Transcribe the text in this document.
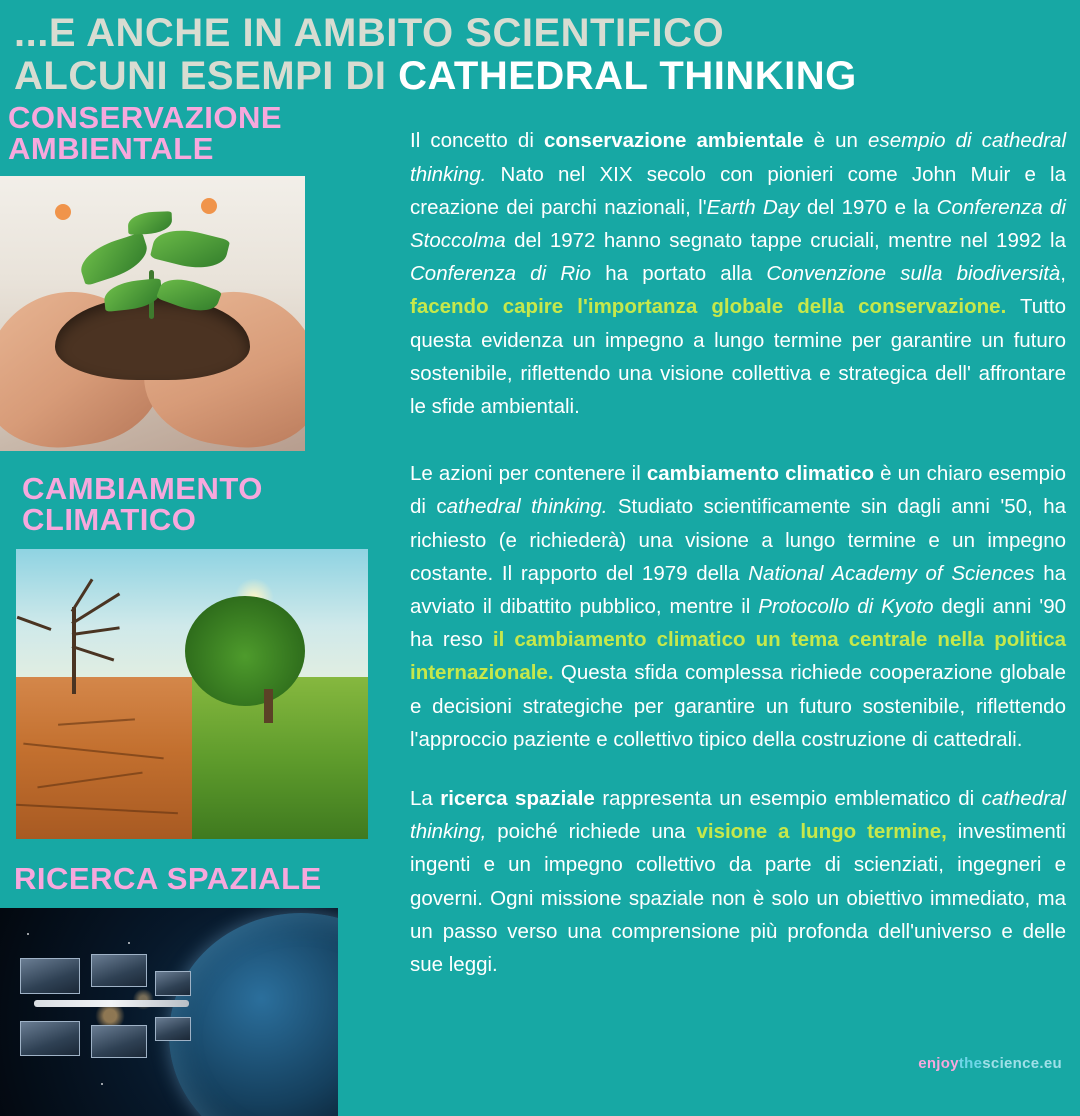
...E ANCHE IN AMBITO SCIENTIFICO
ALCUNI ESEMPI DI CATHEDRAL THINKING
CONSERVAZIONE AMBIENTALE
CAMBIAMENTO CLIMATICO
RICERCA SPAZIALE

Il concetto di conservazione ambientale è un esempio di cathedral thinking. Nato nel XIX secolo con pionieri come John Muir e la creazione dei parchi nazionali, l'Earth Day del 1970 e la Conferenza di Stoccolma del 1972 hanno segnato tappe cruciali, mentre nel 1992 la Conferenza di Rio ha portato alla Convenzione sulla biodiversità, facendo capire l'importanza globale della conservazione. Tutto questa evidenza un impegno a lungo termine per garantire un futuro sostenibile, riflettendo una visione collettiva e strategica dell' affrontare le sfide ambientali.

Le azioni per contenere il cambiamento climatico è un chiaro esempio di cathedral thinking. Studiato scientificamente sin dagli anni '50, ha richiesto (e richiederà) una visione a lungo termine e un impegno costante. Il rapporto del 1979 della National Academy of Sciences ha avviato il dibattito pubblico, mentre il Protocollo di Kyoto degli anni '90 ha reso il cambiamento climatico un tema centrale nella politica internazionale. Questa sfida complessa richiede cooperazione globale e decisioni strategiche per garantire un futuro sostenibile, riflettendo l'approccio paziente e collettivo tipico della costruzione di cattedrali.

La ricerca spaziale rappresenta un esempio emblematico di cathedral thinking, poiché richiede una visione a lungo termine, investimenti ingenti e un impegno collettivo da parte di scienziati, ingegneri e governi. Ogni missione spaziale non è solo un obiettivo immediato, ma un passo verso una comprensione più profonda dell'universo e delle sue leggi.

enjoythescience.eu
